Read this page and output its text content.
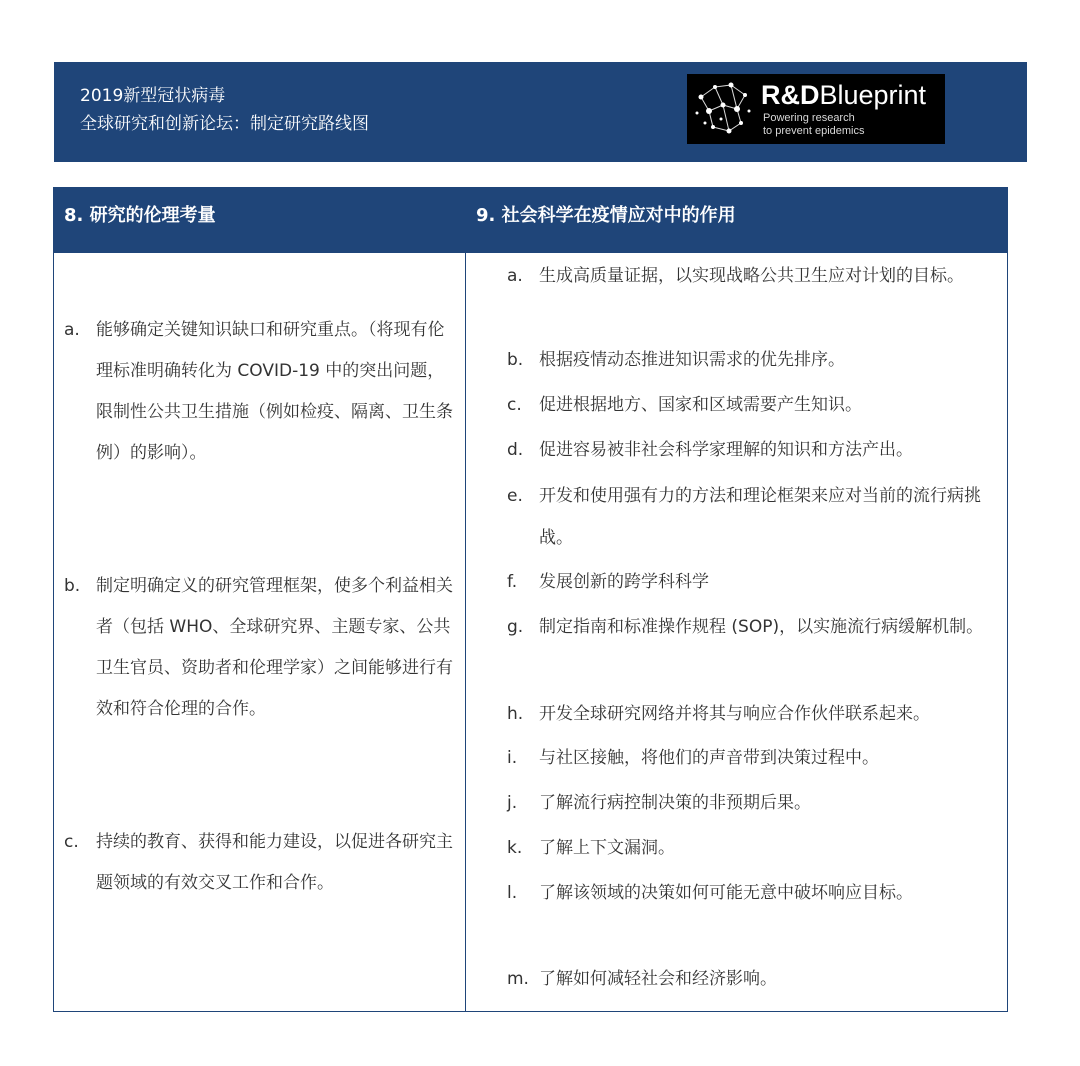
2019新型冠状病毒
全球研究和创新论坛：制定研究路线图
R&DBlueprint
Powering research
to prevent epidemics
8. 研究的伦理考量	9. 社会科学在疫情应对中的作用
a. 能够确定关键知识缺口和研究重点。（将现有伦理标准明确转化为 COVID-19 中的突出问题，限制性公共卫生措施（例如检疫、隔离、卫生条例）的影响）。
b. 制定明确定义的研究管理框架，使多个利益相关者（包括 WHO、全球研究界、主题专家、公共卫生官员、资助者和伦理学家）之间能够进行有效和符合伦理的合作。
c. 持续的教育、获得和能力建设，以促进各研究主题领域的有效交叉工作和合作。
a. 生成高质量证据，以实现战略公共卫生应对计划的目标。
b. 根据疫情动态推进知识需求的优先排序。
c. 促进根据地方、国家和区域需要产生知识。
d. 促进容易被非社会科学家理解的知识和方法产出。
e. 开发和使用强有力的方法和理论框架来应对当前的流行病挑战。
f. 发展创新的跨学科科学
g. 制定指南和标准操作规程 (SOP)，以实施流行病缓解机制。
h. 开发全球研究网络并将其与响应合作伙伴联系起来。
i. 与社区接触，将他们的声音带到决策过程中。
j. 了解流行病控制决策的非预期后果。
k. 了解上下文漏洞。
l. 了解该领域的决策如何可能无意中破坏响应目标。
m. 了解如何减轻社会和经济影响。
